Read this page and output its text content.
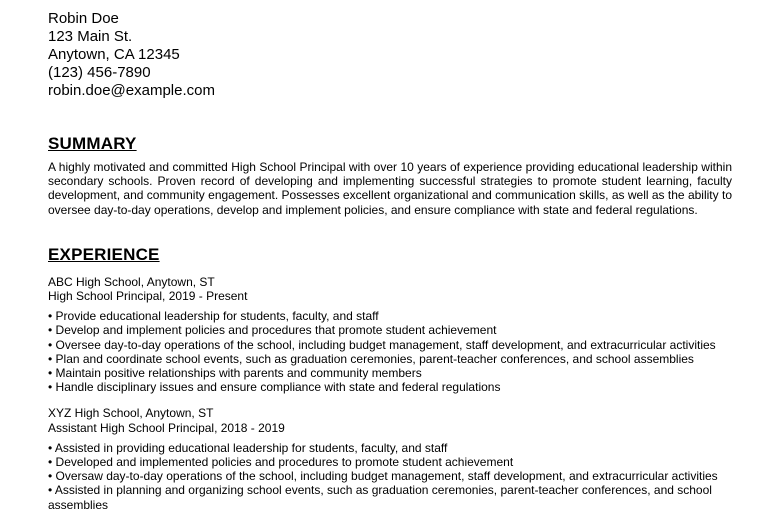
Robin Doe
123 Main St.
Anytown, CA 12345
(123) 456-7890
robin.doe@example.com
SUMMARY

A highly motivated and committed High School Principal with over 10 years of experience providing educational leadership within secondary schools. Proven record of developing and implementing successful strategies to promote student learning, faculty development, and community engagement. Possesses excellent organizational and communication skills, as well as the ability to oversee day-to-day operations, develop and implement policies, and ensure compliance with state and federal regulations.

EXPERIENCE

ABC High School, Anytown, ST

High School Principal, 2019 - Present

• Provide educational leadership for students, faculty, and staff
• Develop and implement policies and procedures that promote student achievement
• Oversee day-to-day operations of the school, including budget management, staff development, and extracurricular activities
• Plan and coordinate school events, such as graduation ceremonies, parent-teacher conferences, and school assemblies
• Maintain positive relationships with parents and community members
• Handle disciplinary issues and ensure compliance with state and federal regulations

XYZ High School, Anytown, ST

Assistant High School Principal, 2018 - 2019

• Assisted in providing educational leadership for students, faculty, and staff
• Developed and implemented policies and procedures to promote student achievement
• Oversaw day-to-day operations of the school, including budget management, staff development, and extracurricular activities
• Assisted in planning and organizing school events, such as graduation ceremonies, parent-teacher conferences, and school assemblies
